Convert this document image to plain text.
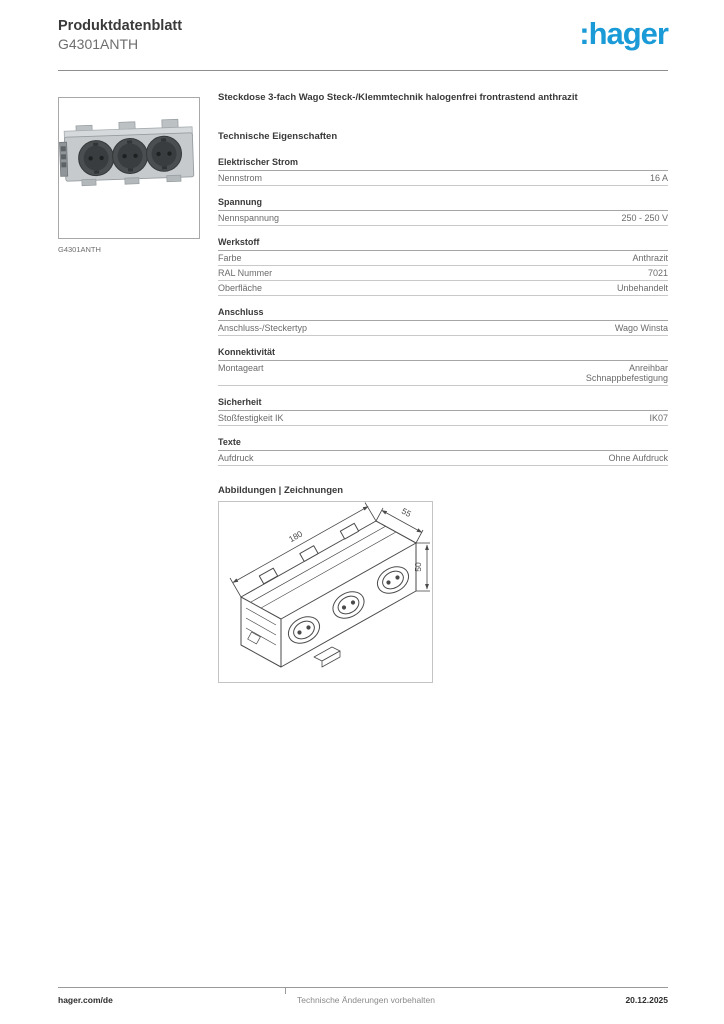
Produktdatenblatt
G4301ANTH	:hager
G4301ANTH
Steckdose 3-fach Wago Steck-/Klemmtechnik halogenfrei frontrastend anthrazit
Technische Eigenschaften
Elektrischer Strom
Nennstrom	16 A
Spannung
Nennspannung	250 - 250 V
Werkstoff
Farbe	Anthrazit
RAL Nummer	7021
Oberfläche	Unbehandelt
Anschluss
Anschluss-/Steckertyp	Wago Winsta
Konnektivität
Montageart	Anreihbar
Schnappbefestigung
Sicherheit
Stoßfestigkeit IK	IK07
Texte
Aufdruck	Ohne Aufdruck
Abbildungen | Zeichnungen
180
55
50
hager.com/de	Technische Änderungen vorbehalten	20.12.2025
